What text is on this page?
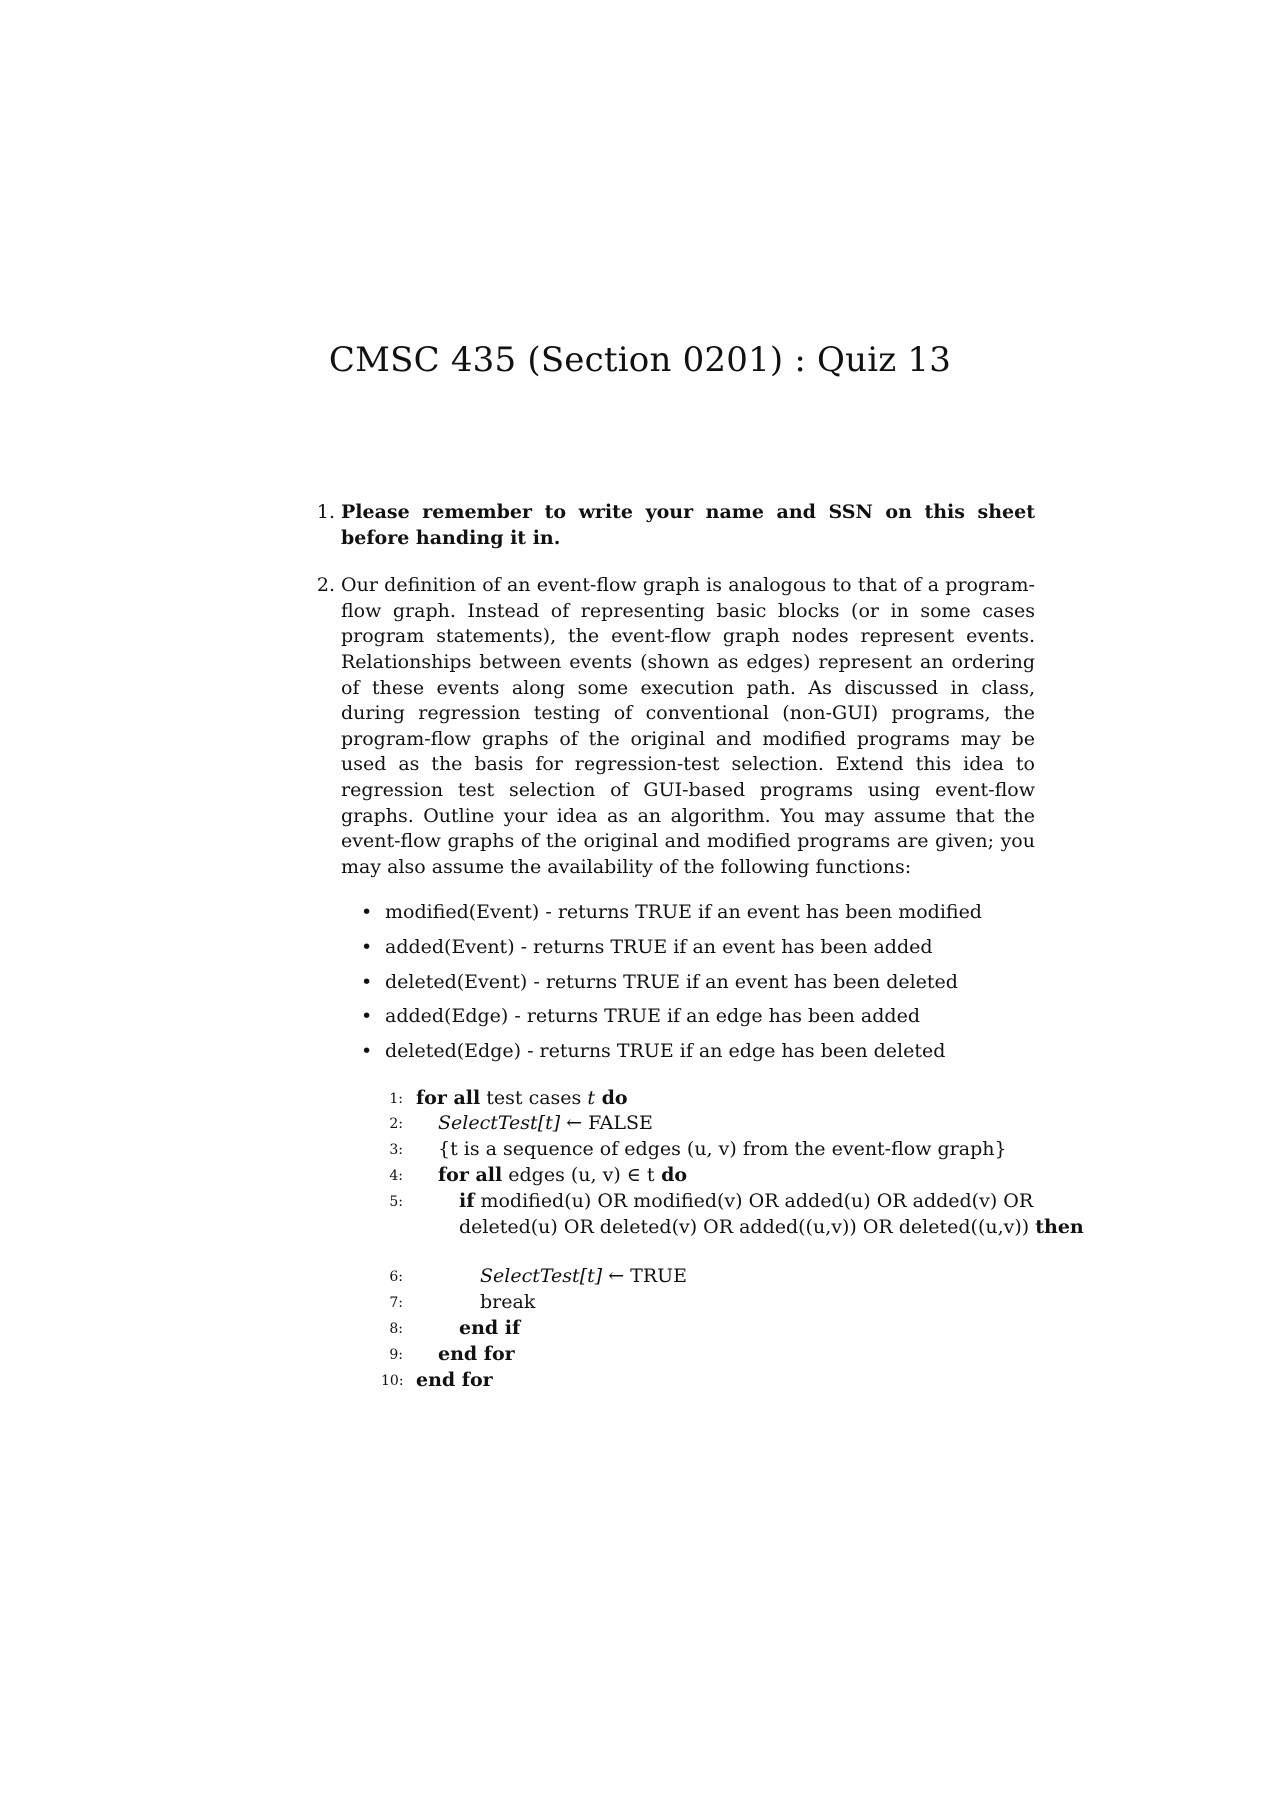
CMSC 435 (Section 0201) : Quiz 13
1. Please remember to write your name and SSN on this sheet before handing it in.
2. Our definition of an event-flow graph is analogous to that of a program-flow graph. Instead of representing basic blocks (or in some cases program statements), the event-flow graph nodes represent events. Relationships between events (shown as edges) represent an ordering of these events along some execution path. As discussed in class, during regression testing of conventional (non-GUI) programs, the program-flow graphs of the original and modified programs may be used as the basis for regression-test selection. Extend this idea to regression test selection of GUI-based programs using event-flow graphs. Outline your idea as an algorithm. You may assume that the event-flow graphs of the original and modified programs are given; you may also assume the availability of the following functions:
• modified(Event) - returns TRUE if an event has been modified
• added(Event) - returns TRUE if an event has been added
• deleted(Event) - returns TRUE if an event has been deleted
• added(Edge) - returns TRUE if an edge has been added
• deleted(Edge) - returns TRUE if an edge has been deleted
1: for all test cases t do
2: SelectTest[t] ← FALSE
3: {t is a sequence of edges (u, v) from the event-flow graph}
4: for all edges (u, v) ∈ t do
5:	if modified(u) OR modified(v) OR added(u) OR added(v) OR
deleted(u) OR deleted(v) OR added((u,v)) OR deleted((u,v)) then
6:	SelectTest[t] ← TRUE
7:	break
8:	end if
9: end for
10: end for
